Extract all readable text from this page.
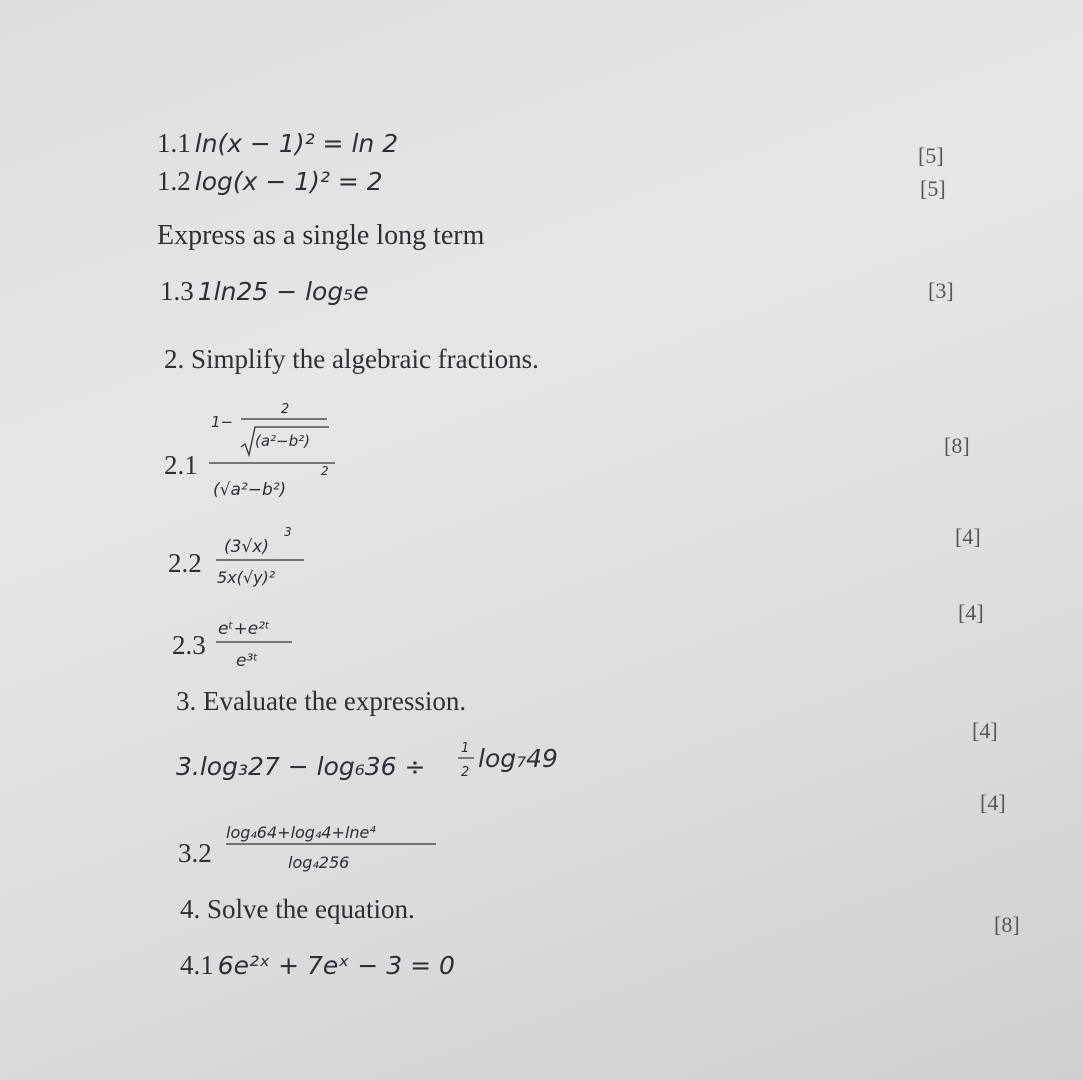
1.1 ln(x − 1)² = ln 2	[5]
1.2 log(x − 1)² = 2	[5]
Express as a single long term
1.3 1ln25 − log₅e	[3]
2. Simplify the algebraic fractions.
2.1
1−
2
(a²−b²)
(√a²−b²)
2
[8]
2.2
(3√x)
3
5x(√y)²
[4]
2.3
eᵗ+e²ᵗ
e³ᵗ
[4]
3. Evaluate the expression.
3.log₃27 − log₆36 ÷
1
2 log₇49
[4]
3.2
log₄64+log₄4+lne⁴
log₄256
[4]
4. Solve the equation.
4.1 6e²ˣ + 7eˣ − 3 = 0
[8]
